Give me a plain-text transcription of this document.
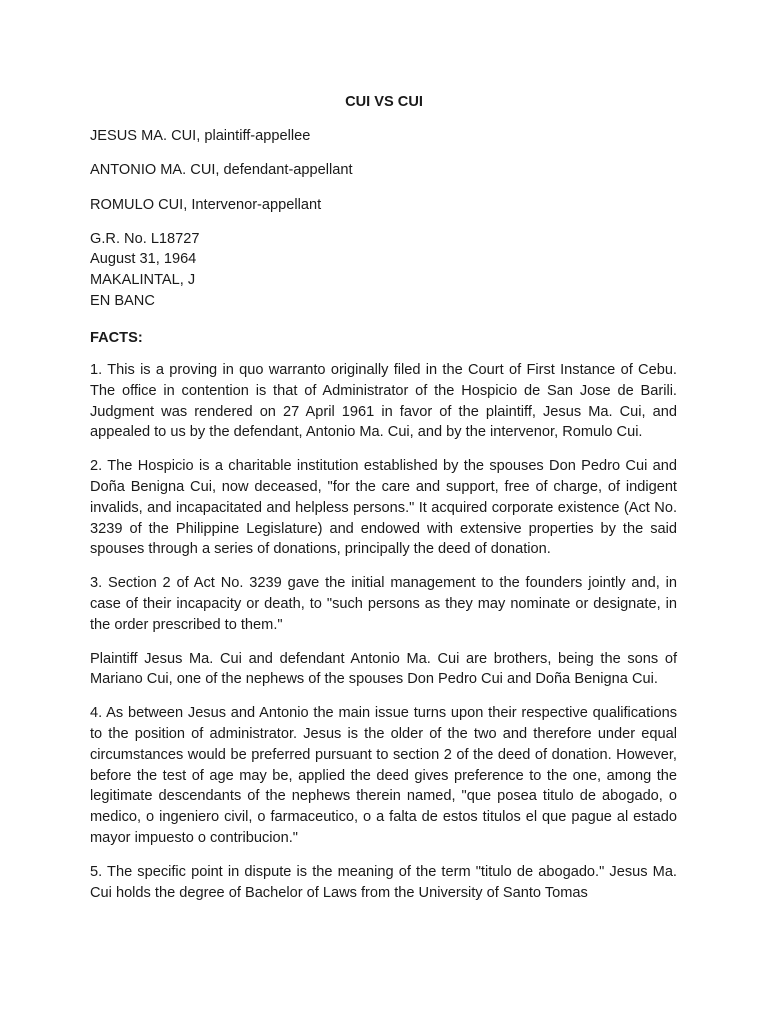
CUI VS CUI

JESUS MA. CUI, plaintiff-appellee

ANTONIO MA. CUI, defendant-appellant

ROMULO CUI, Intervenor-appellant

G.R. No. L18727
August 31, 1964
MAKALINTAL, J
EN BANC

FACTS:

1. This is a proving in quo warranto originally filed in the Court of First Instance of Cebu. The office in contention is that of Administrator of the Hospicio de San Jose de Barili. Judgment was rendered on 27 April 1961 in favor of the plaintiff, Jesus Ma. Cui, and appealed to us by the defendant, Antonio Ma. Cui, and by the intervenor, Romulo Cui.

2. The Hospicio is a charitable institution established by the spouses Don Pedro Cui and Doña Benigna Cui, now deceased, "for the care and support, free of charge, of indigent invalids, and incapacitated and helpless persons." It acquired corporate existence (Act No. 3239 of the Philippine Legislature) and endowed with extensive properties by the said spouses through a series of donations, principally the deed of donation.

3. Section 2 of Act No. 3239 gave the initial management to the founders jointly and, in case of their incapacity or death, to "such persons as they may nominate or designate, in the order prescribed to them."

Plaintiff Jesus Ma. Cui and defendant Antonio Ma. Cui are brothers, being the sons of Mariano Cui, one of the nephews of the spouses Don Pedro Cui and Doña Benigna Cui.

4. As between Jesus and Antonio the main issue turns upon their respective qualifications to the position of administrator. Jesus is the older of the two and therefore under equal circumstances would be preferred pursuant to section 2 of the deed of donation. However, before the test of age may be, applied the deed gives preference to the one, among the legitimate descendants of the nephews therein named, "que posea titulo de abogado, o medico, o ingeniero civil, o farmaceutico, o a falta de estos titulos el que pague al estado mayor impuesto o contribucion."

5. The specific point in dispute is the meaning of the term "titulo de abogado." Jesus Ma. Cui holds the degree of Bachelor of Laws from the University of Santo Tomas
